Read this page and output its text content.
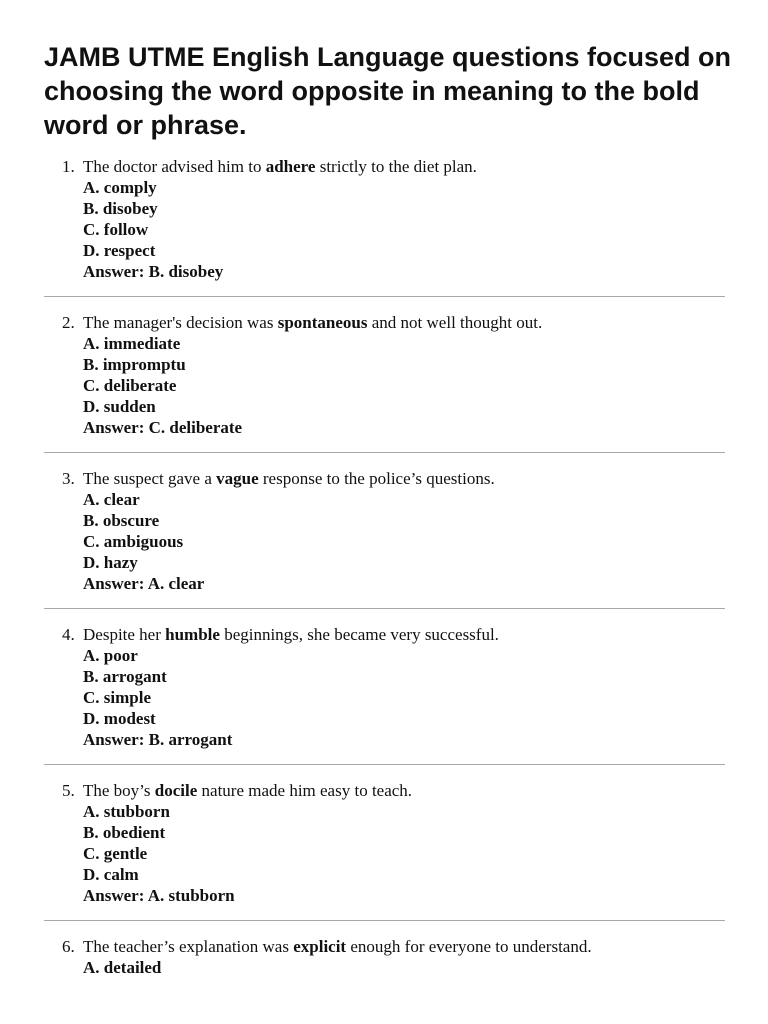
JAMB UTME English Language questions focused on choosing the word opposite in meaning to the bold word or phrase.
1. The doctor advised him to adhere strictly to the diet plan.
A. comply
B. disobey
C. follow
D. respect
Answer: B. disobey
2. The manager's decision was spontaneous and not well thought out.
A. immediate
B. impromptu
C. deliberate
D. sudden
Answer: C. deliberate
3. The suspect gave a vague response to the police’s questions.
A. clear
B. obscure
C. ambiguous
D. hazy
Answer: A. clear
4. Despite her humble beginnings, she became very successful.
A. poor
B. arrogant
C. simple
D. modest
Answer: B. arrogant
5. The boy’s docile nature made him easy to teach.
A. stubborn
B. obedient
C. gentle
D. calm
Answer: A. stubborn
6. The teacher’s explanation was explicit enough for everyone to understand.
A. detailed
